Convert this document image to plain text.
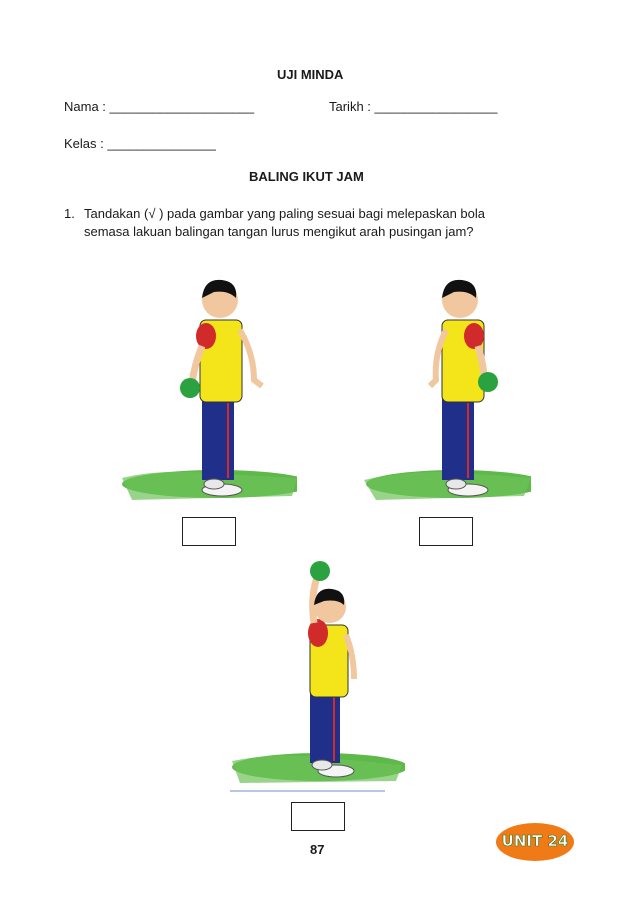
UJI MINDA
Nama : ____________________	Tarikh : _________________
Kelas : _______________
BALING IKUT JAM
1. Tandakan (√ ) pada gambar yang paling sesuai bagi melepaskan bola
semasa lakuan balingan tangan lurus mengikut arah pusingan jam?
87	UNIT 24
